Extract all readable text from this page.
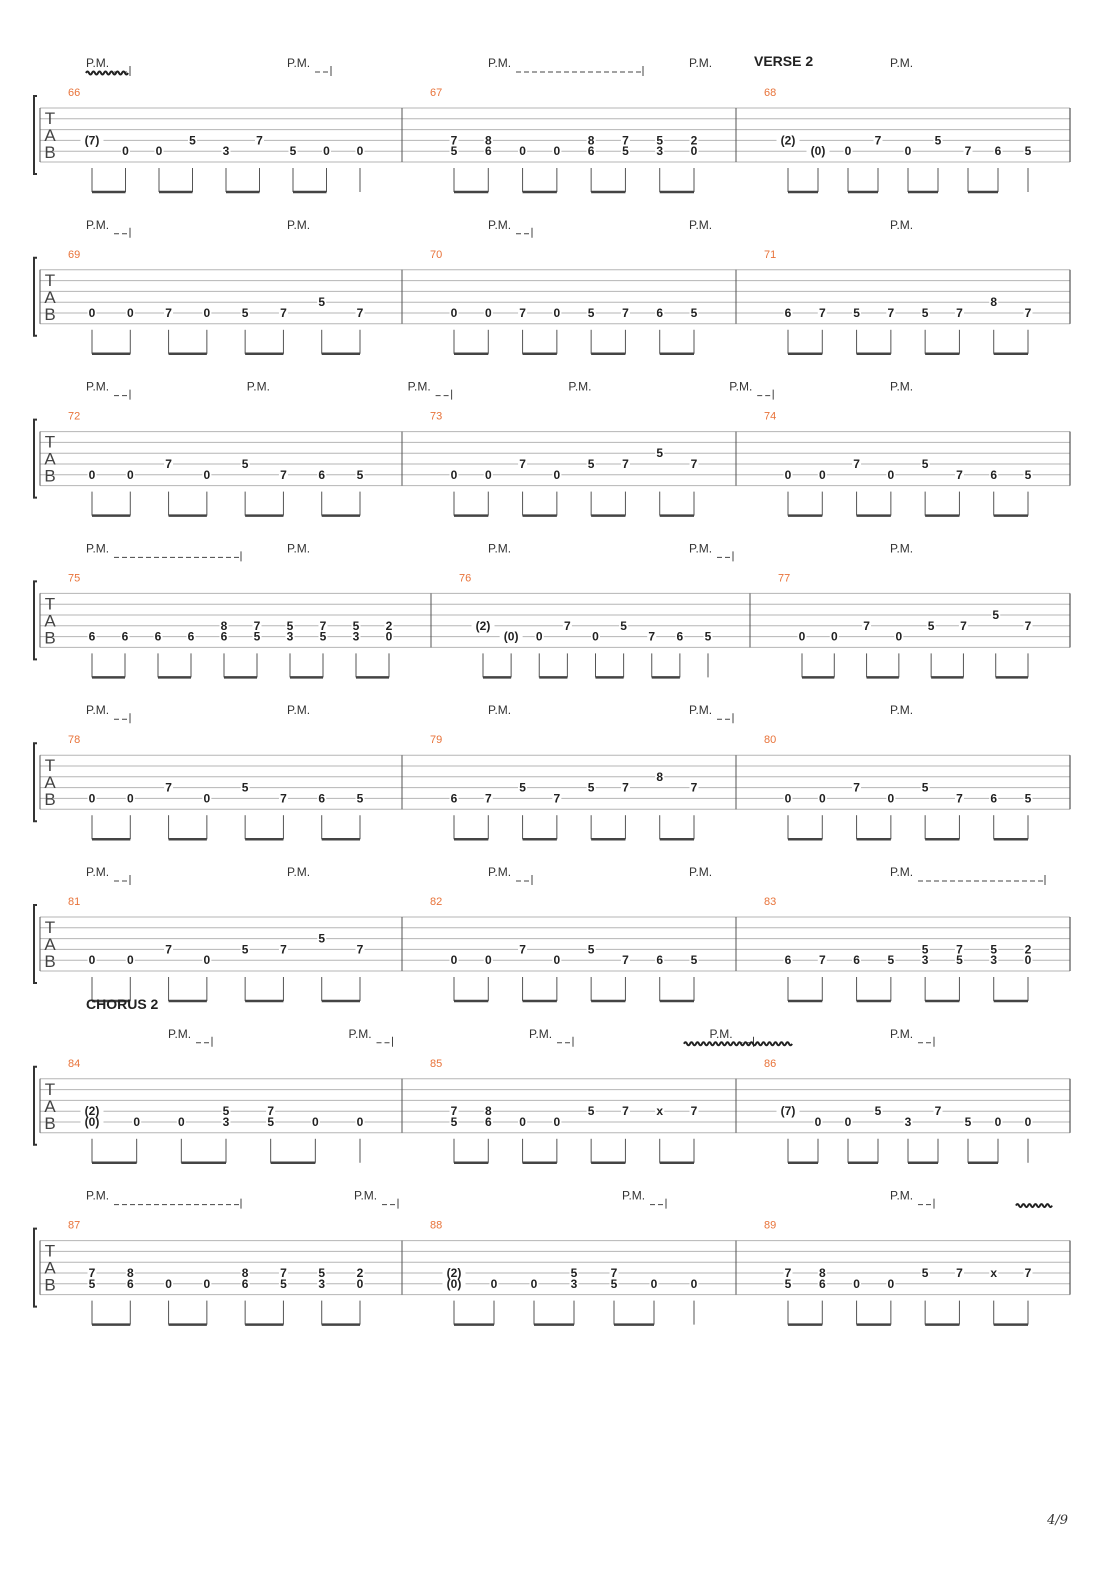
T
A
B
VERSE 2
P.M.	P.M.	P.M.	P.M.	P.M.
66
(7)
0 0
5
3
7
5 0 0
67
7
5
8
6 0 0
8
6
7
5
5
3
2
0
68
(2)
(0) 0
7
0
5
7 6 5
T
A
B
P.M.	P.M.	P.M.	P.M.	P.M.
69
0	0	7	0	5	7
5
7
70
0 0 7 0 5 7 6 5
71
6 7 5 7 5 7
8
7
T
A
B
P.M.	P.M.	P.M.	P.M.	P.M.	P.M.
72
0	0
7
0
5
7	6	5
73
0 0
7
0
5 7
5
7
74
0 0
7
0
5
7 6 5
T
A
B
P.M.	P.M.	P.M.	P.M.	P.M.
75
6 6 6 6
8
6
7
5
5
3
7
5
5
3
2
0
76
(2)
(0) 0
7
0
5
7 6 5
77
0 0
7
0
5 7
5
7
T
A
B
P.M.	P.M.	P.M.	P.M.	P.M.
78
0	0
7
0
5
7	6	5
79
6 7
5
7
5 7
8
7
80
0 0
7
0
5
7 6 5
T
A
B
P.M.	P.M.	P.M.	P.M.	P.M.
81
0	0
7
0
5	7
5
7
82
0 0
7
0
5
7 6 5
83
6 7 6 5
5
3
7
5
5
3
2
0
T
A
B
CHORUS 2
P.M.	P.M.	P.M.	P.M.	P.M.
84
(2)
(0)	0	0
5
3
7
5	0	0
85
7
5
8
6 0 0
5 7 x 7
86
(7)
0 0
5
3
7
5 0 0
T
A
B
P.M.	P.M.	P.M.	P.M.
87
7
5
8
6	0	0
8
6
7
5
5
3
2
0
88
(2)
(0) 0	0
5
3
7
5	0	0
89
7
5
8
6 0 0
5 7 x 7
4/9
